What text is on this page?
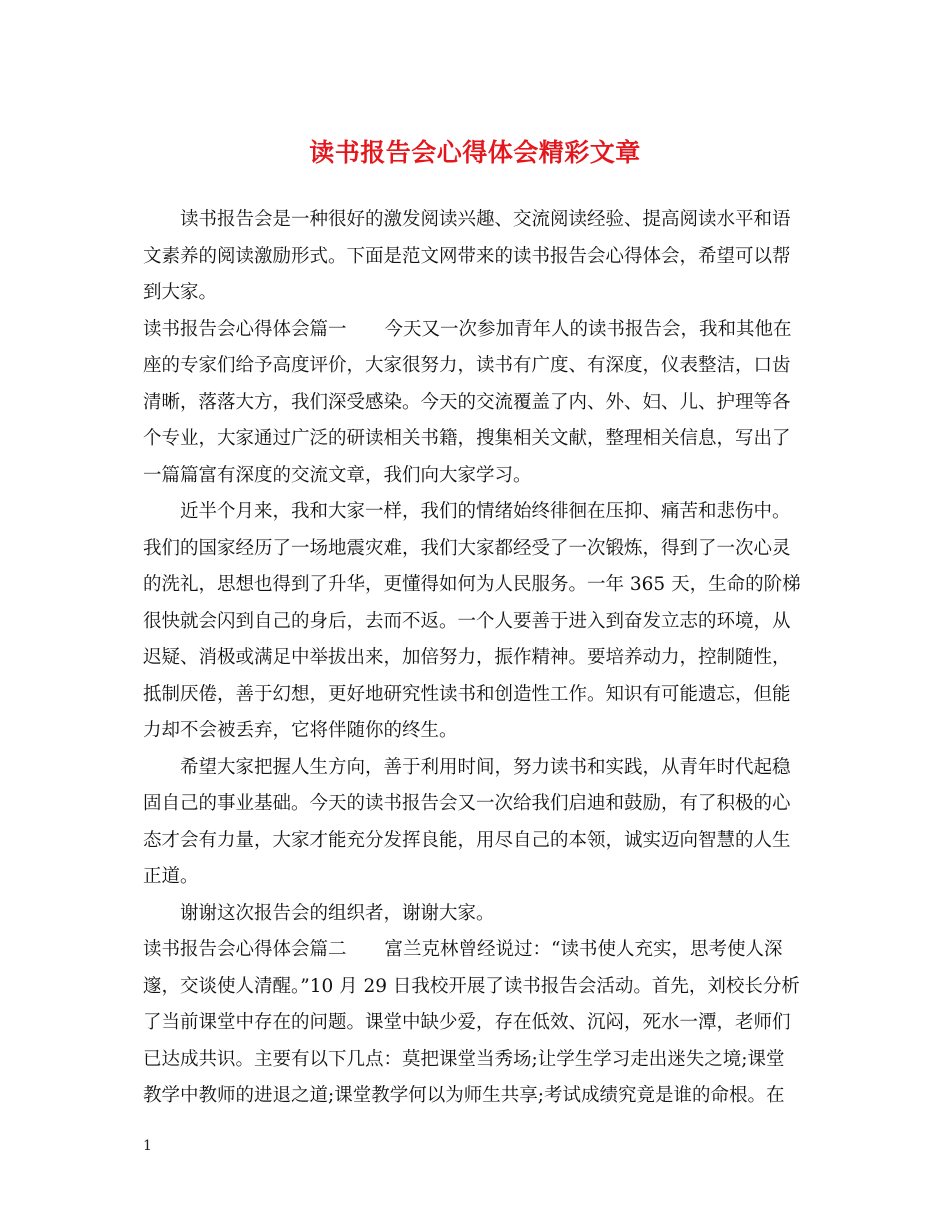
读书报告会心得体会精彩文章
读书报告会是一种很好的激发阅读兴趣、交流阅读经验、提高阅读水平和语
文素养的阅读激励形式。下面是范文网带来的读书报告会心得体会，希望可以帮
到大家。
读书报告会心得体会篇一 今天又一次参加青年人的读书报告会，我和其他在
座的专家们给予高度评价，大家很努力，读书有广度、有深度，仪表整洁，口齿
清晰，落落大方，我们深受感染。今天的交流覆盖了内、外、妇、儿、护理等各
个专业，大家通过广泛的研读相关书籍，搜集相关文献，整理相关信息，写出了
一篇篇富有深度的交流文章，我们向大家学习。
近半个月来，我和大家一样，我们的情绪始终徘徊在压抑、痛苦和悲伤中。
我们的国家经历了一场地震灾难，我们大家都经受了一次锻炼，得到了一次心灵
的洗礼，思想也得到了升华，更懂得如何为人民服务。一年 365 天，生命的阶梯
很快就会闪到自己的身后，去而不返。一个人要善于进入到奋发立志的环境，从
迟疑、消极或满足中举拔出来，加倍努力，振作精神。要培养动力，控制随性，
抵制厌倦，善于幻想，更好地研究性读书和创造性工作。知识有可能遗忘，但能
力却不会被丢弃，它将伴随你的终生。
希望大家把握人生方向，善于利用时间，努力读书和实践，从青年时代起稳
固自己的事业基础。今天的读书报告会又一次给我们启迪和鼓励，有了积极的心
态才会有力量，大家才能充分发挥良能，用尽自己的本领，诚实迈向智慧的人生
正道。
谢谢这次报告会的组织者，谢谢大家。
读书报告会心得体会篇二 富兰克林曾经说过：“读书使人充实，思考使人深
邃，交谈使人清醒。”10 月 29 日我校开展了读书报告会活动。首先，刘校长分析
了当前课堂中存在的问题。课堂中缺少爱，存在低效、沉闷，死水一潭，老师们
已达成共识。主要有以下几点：莫把课堂当秀场;让学生学习走出迷失之境;课堂
教学中教师的进退之道;课堂教学何以为师生共享;考试成绩究竟是谁的命根。在
1
